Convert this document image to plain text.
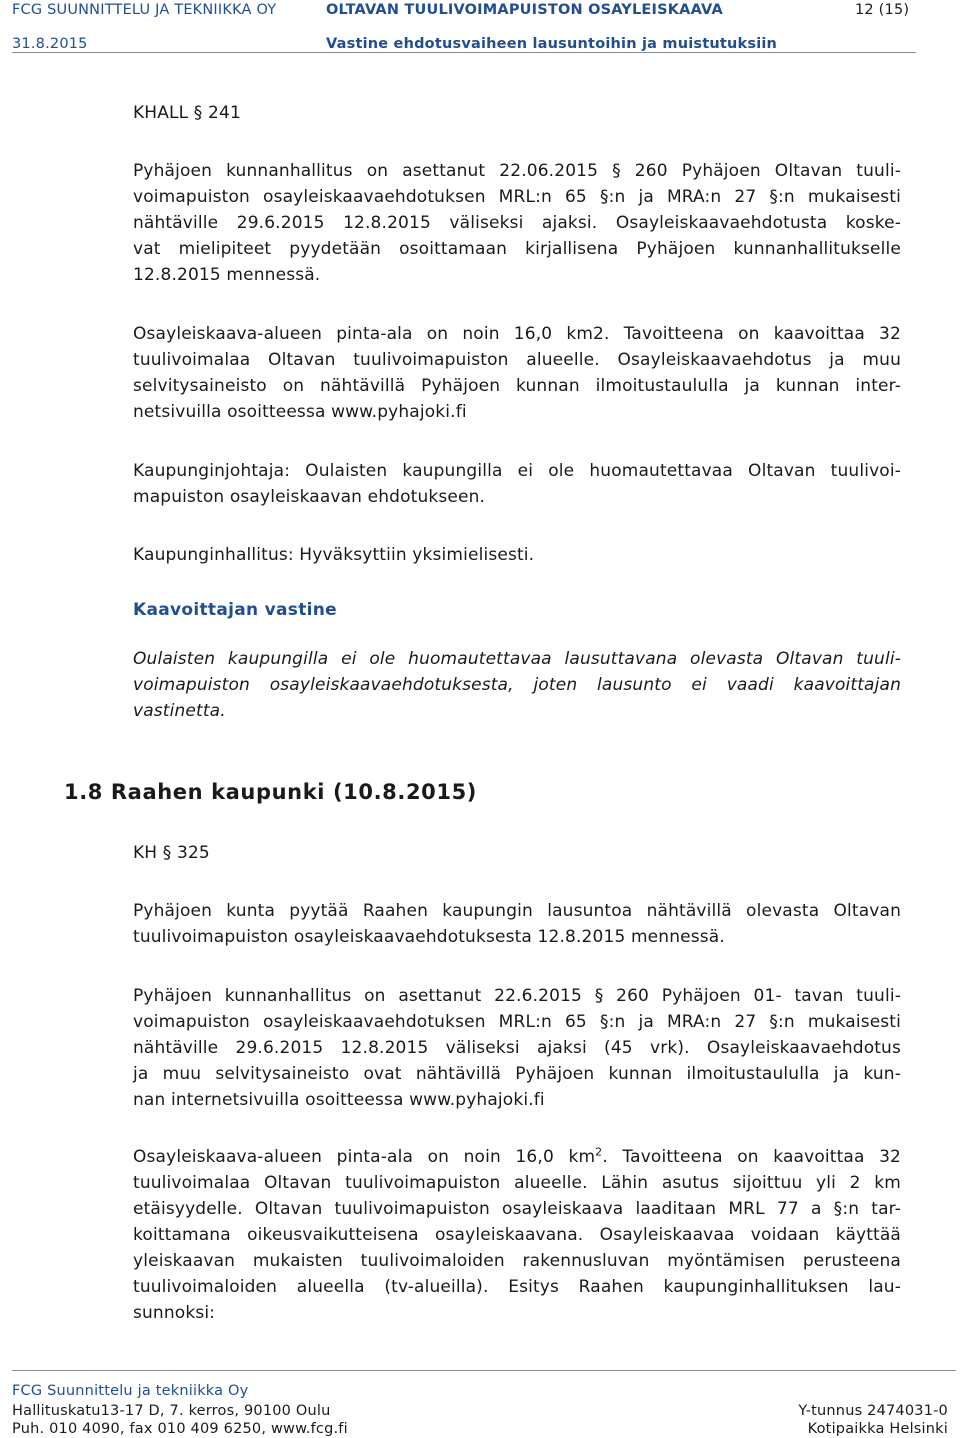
FCG SUUNNITTELU JA TEKNIIKKA OY	OLTAVAN TUULIVOIMAPUISTON OSAYLEISKAAVA	12 (15)
31.8.2015	Vastine ehdotusvaiheen lausuntoihin ja muistutuksiin
KHALL § 241
Pyhäjoen kunnanhallitus on asettanut 22.06.2015 § 260 Pyhäjoen Oltavan tuuli-
voimapuiston osayleiskaavaehdotuksen MRL:n 65 §:n ja MRA:n 27 §:n mukaisesti
nähtäville 29.6.2015 12.8.2015 väliseksi ajaksi. Osayleiskaavaehdotusta koske-
vat mielipiteet pyydetään osoittamaan kirjallisena Pyhäjoen kunnanhallitukselle
12.8.2015 mennessä.
Osayleiskaava-alueen pinta-ala on noin 16,0 km2. Tavoitteena on kaavoittaa 32
tuulivoimalaa Oltavan tuulivoimapuiston alueelle. Osayleiskaavaehdotus ja muu
selvitysaineisto on nähtävillä Pyhäjoen kunnan ilmoitustaululla ja kunnan inter-
netsivuilla osoitteessa www.pyhajoki.fi
Kaupunginjohtaja: Oulaisten kaupungilla ei ole huomautettavaa Oltavan tuulivoi-
mapuiston osayleiskaavan ehdotukseen.
Kaupunginhallitus: Hyväksyttiin yksimielisesti.
Kaavoittajan vastine
Oulaisten kaupungilla ei ole huomautettavaa lausuttavana olevasta Oltavan tuuli-
voimapuiston osayleiskaavaehdotuksesta, joten lausunto ei vaadi kaavoittajan
vastinetta.
1.8 Raahen kaupunki (10.8.2015)
KH § 325
Pyhäjoen kunta pyytää Raahen kaupungin lausuntoa nähtävillä olevasta Oltavan
tuulivoimapuiston osayleiskaavaehdotuksesta 12.8.2015 mennessä.
Pyhäjoen kunnanhallitus on asettanut 22.6.2015 § 260 Pyhäjoen 01- tavan tuuli-
voimapuiston osayleiskaavaehdotuksen MRL:n 65 §:n ja MRA:n 27 §:n mukaisesti
nähtäville 29.6.2015 12.8.2015 väliseksi ajaksi (45 vrk). Osayleiskaavaehdotus
ja muu selvitysaineisto ovat nähtävillä Pyhäjoen kunnan ilmoitustaululla ja kun-
nan internetsivuilla osoitteessa www.pyhajoki.fi
Osayleiskaava-alueen pinta-ala on noin 16,0 $km^2$. Tavoitteena on kaavoittaa 32
tuulivoimalaa Oltavan tuulivoimapuiston alueelle. Lähin asutus sijoittuu yli 2 km
etäisyydelle. Oltavan tuulivoimapuiston osayleiskaava laaditaan MRL 77 a §:n tar-
koittamana oikeusvaikutteisena osayleiskaavana. Osayleiskaavaa voidaan käyttää
yleiskaavan mukaisten tuulivoimaloiden rakennusluvan myöntämisen perusteena
tuulivoimaloiden alueella (tv-alueilla). Esitys Raahen kaupunginhallituksen lau-
sunnoksi:
FCG Suunnittelu ja tekniikka Oy
Hallituskatu13-17 D, 7. kerros, 90100 Oulu
Puh. 010 4090, fax 010 409 6250, www.fcg.fi
Y-tunnus 2474031-0
Kotipaikka Helsinki
